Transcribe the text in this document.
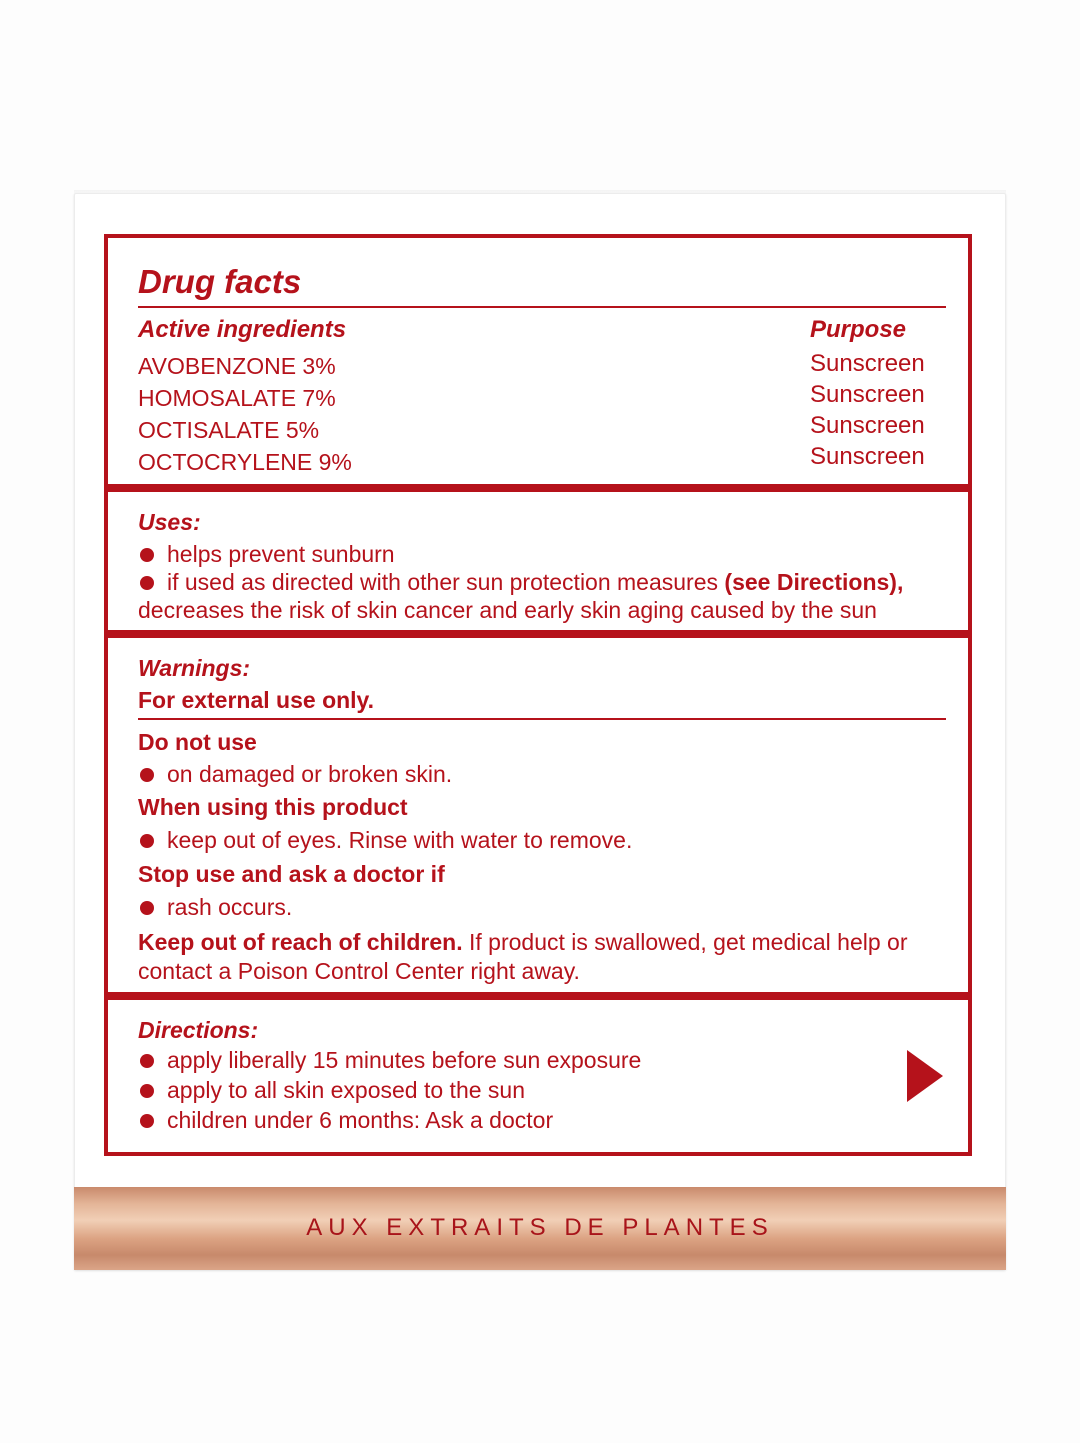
Drug facts
Active ingredients	Purpose
AVOBENZONE 3%	Sunscreen
HOMOSALATE 7%	Sunscreen
OCTISALATE 5%	Sunscreen
OCTOCRYLENE 9%	Sunscreen
Uses:
helps prevent sunburn
if used as directed with other sun protection measures (see Directions),
decreases the risk of skin cancer and early skin aging caused by the sun
Warnings:
For external use only.
Do not use
on damaged or broken skin.
When using this product
keep out of eyes. Rinse with water to remove.
Stop use and ask a doctor if
rash occurs.
Keep out of reach of children. If product is swallowed, get medical help or
contact a Poison Control Center right away.
Directions:
apply liberally 15 minutes before sun exposure
apply to all skin exposed to the sun
children under 6 months: Ask a doctor
AUX EXTRAITS DE PLANTES
